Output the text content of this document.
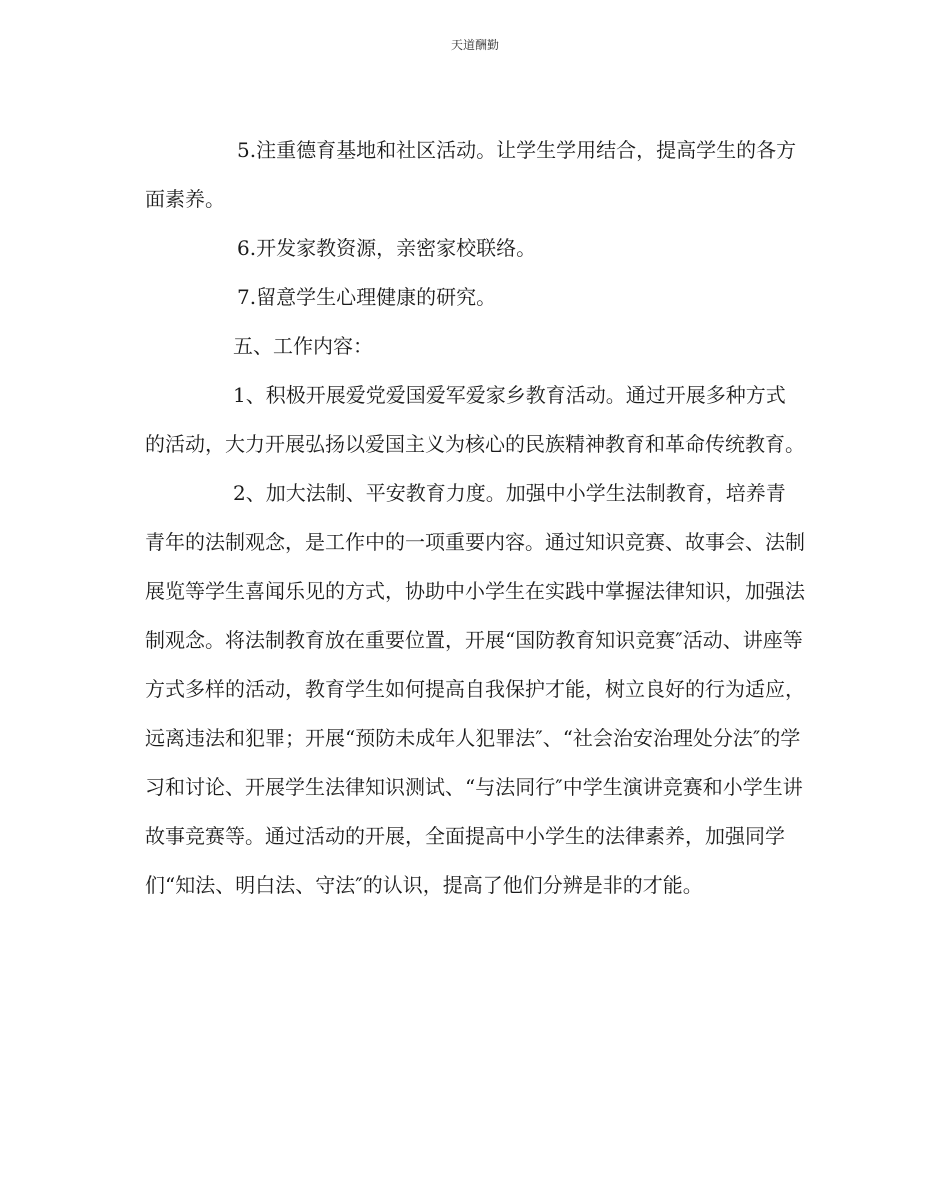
天道酬勤

5.注重德育基地和社区活动。让学生学用结合，提高学生的各方面素养。

6.开发家教资源，亲密家校联络。

7.留意学生心理健康的研究。

五、工作内容：

1、积极开展爱党爱国爱军爱家乡教育活动。通过开展多种方式的活动，大力开展弘扬以爱国主义为核心的民族精神教育和革命传统教育。

2、加大法制、平安教育力度。加强中小学生法制教育，培养青青年的法制观念，是工作中的一项重要内容。通过知识竞赛、故事会、法制展览等学生喜闻乐见的方式，协助中小学生在实践中掌握法律知识，加强法制观念。将法制教育放在重要位置，开展“国防教育知识竞赛″活动、讲座等方式多样的活动，教育学生如何提高自我保护才能，树立良好的行为适应，远离违法和犯罪；开展“预防未成年人犯罪法″、“社会治安治理处分法″的学习和讨论、开展学生法律知识测试、“与法同行″中学生演讲竞赛和小学生讲故事竞赛等。通过活动的开展，全面提高中小学生的法律素养，加强同学们“知法、明白法、守法″的认识，提高了他们分辨是非的才能。
